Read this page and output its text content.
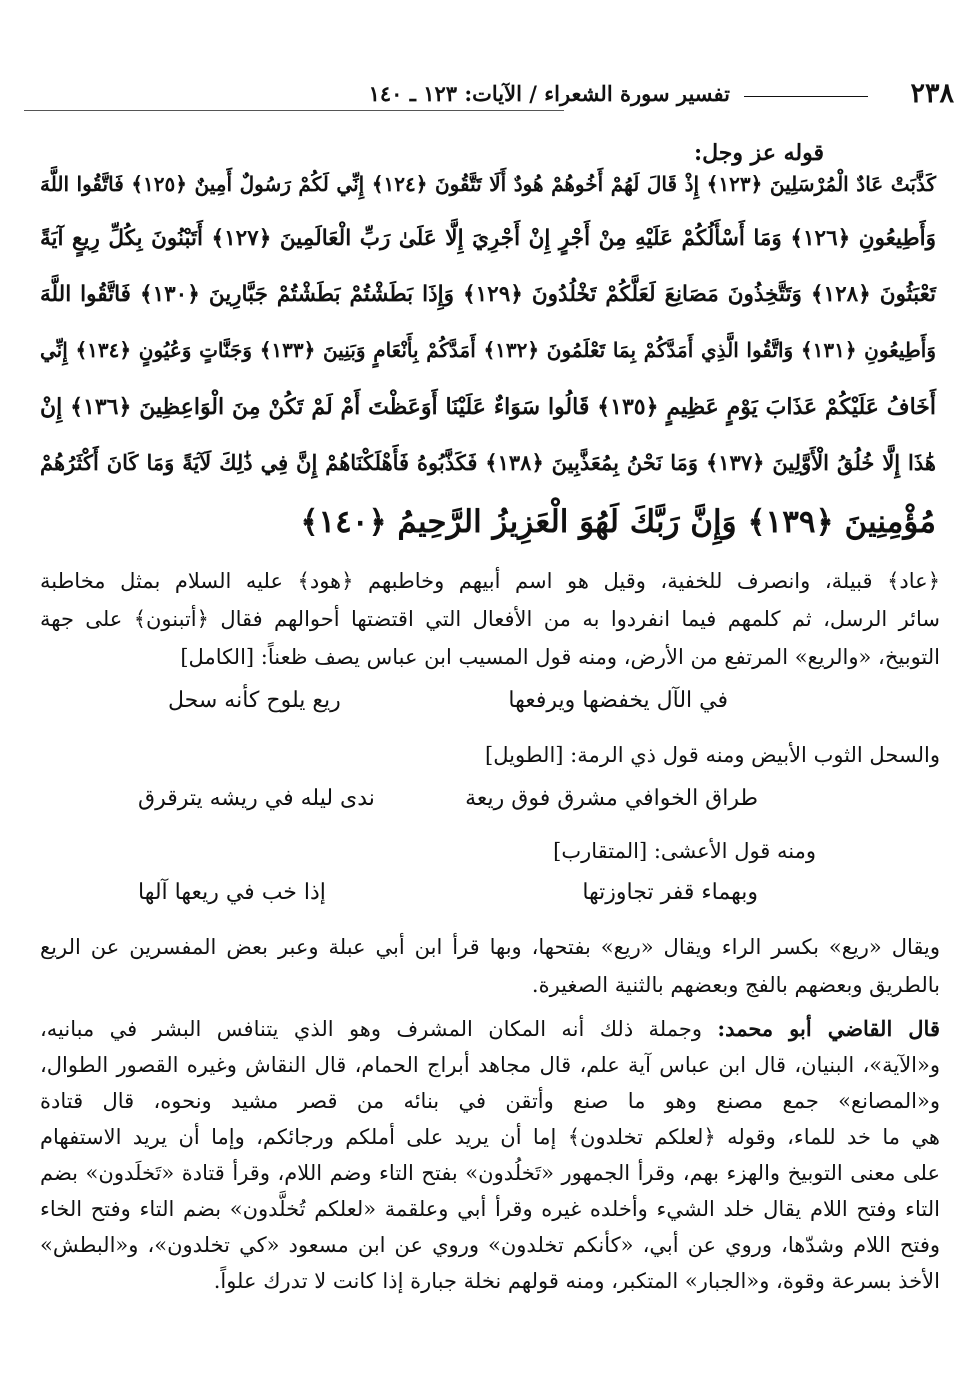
٢٣٨
تفسير سورة الشعراء / الآيات: ١٢٣ ـ ١٤٠
قوله عز وجل:
كَذَّبَتْ عَادٌ الْمُرْسَلِينَ ﴿١٢٣﴾ إِذْ قَالَ لَهُمْ أَخُوهُمْ هُودٌ أَلَا تَتَّقُونَ ﴿١٢٤﴾ إِنِّي لَكُمْ رَسُولٌ أَمِينٌ ﴿١٢٥﴾ فَاتَّقُوا اللَّهَ
وَأَطِيعُونِ ﴿١٢٦﴾ وَمَا أَسْأَلُكُمْ عَلَيْهِ مِنْ أَجْرٍ إِنْ أَجْرِيَ إِلَّا عَلَىٰ رَبِّ الْعَالَمِينَ ﴿١٢٧﴾ أَتَبْنُونَ بِكُلِّ رِيعٍ آيَةً
تَعْبَثُونَ ﴿١٢٨﴾ وَتَتَّخِذُونَ مَصَانِعَ لَعَلَّكُمْ تَخْلُدُونَ ﴿١٢٩﴾ وَإِذَا بَطَشْتُمْ بَطَشْتُمْ جَبَّارِينَ ﴿١٣٠﴾ فَاتَّقُوا اللَّهَ
وَأَطِيعُونِ ﴿١٣١﴾ وَاتَّقُوا الَّذِي أَمَدَّكُمْ بِمَا تَعْلَمُونَ ﴿١٣٢﴾ أَمَدَّكُمْ بِأَنْعَامٍ وَبَنِينَ ﴿١٣٣﴾ وَجَنَّاتٍ وَعُيُونٍ ﴿١٣٤﴾ إِنِّي
أَخَافُ عَلَيْكُمْ عَذَابَ يَوْمٍ عَظِيمٍ ﴿١٣٥﴾ قَالُوا سَوَاءٌ عَلَيْنَا أَوَعَظْتَ أَمْ لَمْ تَكُنْ مِنَ الْوَاعِظِينَ ﴿١٣٦﴾ إِنْ
هَٰذَا إِلَّا خُلُقُ الْأَوَّلِينَ ﴿١٣٧﴾ وَمَا نَحْنُ بِمُعَذَّبِينَ ﴿١٣٨﴾ فَكَذَّبُوهُ فَأَهْلَكْنَاهُمْ إِنَّ فِي ذَٰلِكَ لَآيَةً وَمَا كَانَ أَكْثَرُهُمْ
مُؤْمِنِينَ ﴿١٣٩﴾ وَإِنَّ رَبَّكَ لَهُوَ الْعَزِيزُ الرَّحِيمُ ﴿١٤٠﴾
﴿عاد﴾ قبيلة، وانصرف للخفية، وقيل هو اسم أبيهم وخاطبهم ﴿هود﴾ عليه السلام بمثل مخاطبة
سائر الرسل، ثم كلمهم فيما انفردوا به من الأفعال التي اقتضتها أحوالهم فقال ﴿أتبنون﴾ على جهة
التوبيخ، «والريع» المرتفع من الأرض، ومنه قول المسيب ابن عباس يصف ظعناً: [الكامل]
في الآل يخفضها ويرفعها
ريع يلوح كأنه سحل
والسحل الثوب الأبيض ومنه قول ذي الرمة: [الطويل]
طراق الخوافي مشرق فوق ريعة
ندى ليله في ريشه يترقرق
ومنه قول الأعشى: [المتقارب]
وبهماء قفر تجاوزتها
إذا خب في ريعها آلها
ويقال «ريع» بكسر الراء ويقال «ريع» بفتحها، وبها قرأ ابن أبي عبلة وعبر بعض المفسرين عن الريع
بالطريق وبعضهم بالفج وبعضهم بالثنية الصغيرة.
قال القاضي أبو محمد: وجملة ذلك أنه المكان المشرف وهو الذي يتنافس البشر في مبانيه،
و«الآية»، البنيان، قال ابن عباس آية علم، قال مجاهد أبراج الحمام، قال النقاش وغيره القصور الطوال،
و«المصانع» جمع مصنع وهو ما صنع وأتقن في بنائه من قصر مشيد ونحوه، قال قتادة
هي ما خد للماء، وقوله ﴿لعلكم تخلدون﴾ إما أن يريد على أملكم ورجائكم، وإما أن يريد الاستفهام
على معنى التوبيخ والهزء بهم، وقرأ الجمهور «تَخلُدون» بفتح التاء وضم اللام، وقرأ قتادة «تَخلَدون» بضم
التاء وفتح اللام يقال خلد الشيء وأخلده غيره وقرأ أبي وعلقمة «لعلكم تُخلَّدون» بضم التاء وفتح الخاء
وفتح اللام وشدّها، وروي عن أبي، «كأنكم تخلدون» وروي عن ابن مسعود «كي تخلدون»، و«البطش»
الأخذ بسرعة وقوة، و«الجبار» المتكبر، ومنه قولهم نخلة جبارة إذا كانت لا تدرك علواً.
